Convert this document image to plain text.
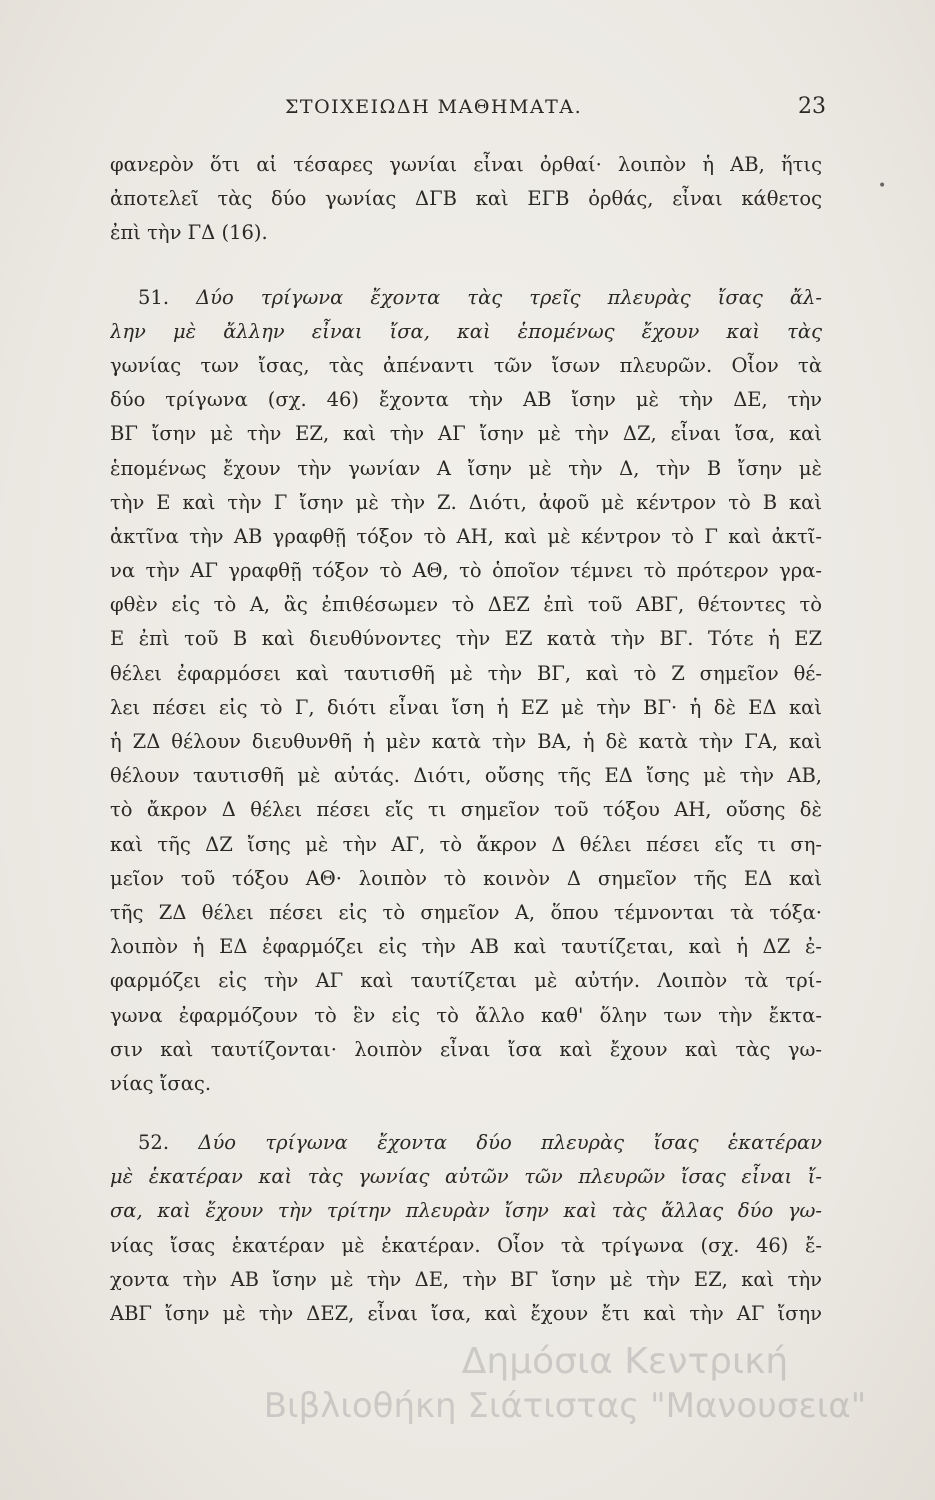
ΣΤΟΙΧΕΙΩΔΗ ΜΑΘΗΜΑΤΑ.	23
•
φανερὸν ὅτι αἱ τέσαρες γωνίαι εἶναι ὀρθαί· λοιπὸν ἡ ΑΒ, ἥτις
ἀποτελεῖ τὰς δύο γωνίας ΔΓΒ καὶ ΕΓΒ ὀρθάς, εἶναι κάθετος
ἐπὶ τὴν ΓΔ (16).
51. Δύο τρίγωνα ἔχοντα τὰς τρεῖς πλευρὰς ἴσας ἄλ-
λην μὲ ἄλλην εἶναι ἴσα, καὶ ἑπομένως ἔχουν καὶ τὰς
γωνίας των ἴσας, τὰς ἀπέναντι τῶν ἴσων πλευρῶν. Οἷον τὰ
δύο τρίγωνα (σχ. 46) ἔχοντα τὴν ΑΒ ἴσην μὲ τὴν ΔΕ, τὴν
ΒΓ ἴσην μὲ τὴν ΕΖ, καὶ τὴν ΑΓ ἴσην μὲ τὴν ΔΖ, εἶναι ἴσα, καὶ
ἑπομένως ἔχουν τὴν γωνίαν Α ἴσην μὲ τὴν Δ, τὴν Β ἴσην μὲ
τὴν Ε καὶ τὴν Γ ἴσην μὲ τὴν Ζ. Διότι, ἀφοῦ μὲ κέντρον τὸ Β καὶ
ἀκτῖνα τὴν ΑΒ γραφθῇ τόξον τὸ ΑΗ, καὶ μὲ κέντρον τὸ Γ καὶ ἀκτῖ-
να τὴν ΑΓ γραφθῇ τόξον τὸ ΑΘ, τὸ ὁποῖον τέμνει τὸ πρότερον γρα-
φθὲν εἰς τὸ Α, ἂς ἐπιθέσωμεν τὸ ΔΕΖ ἐπὶ τοῦ ΑΒΓ, θέτοντες τὸ
Ε ἐπὶ τοῦ Β καὶ διευθύνοντες τὴν ΕΖ κατὰ τὴν ΒΓ. Τότε ἡ ΕΖ
θέλει ἐφαρμόσει καὶ ταυτισθῆ μὲ τὴν ΒΓ, καὶ τὸ Ζ σημεῖον θέ-
λει πέσει εἰς τὸ Γ, διότι εἶναι ἴση ἡ ΕΖ μὲ τὴν ΒΓ· ἡ δὲ ΕΔ καὶ
ἡ ΖΔ θέλουν διευθυνθῆ ἡ μὲν κατὰ τὴν ΒΑ, ἡ δὲ κατὰ τὴν ΓΑ, καὶ
θέλουν ταυτισθῆ μὲ αὐτάς. Διότι, οὔσης τῆς ΕΔ ἴσης μὲ τὴν ΑΒ,
τὸ ἄκρον Δ θέλει πέσει εἴς τι σημεῖον τοῦ τόξου ΑΗ, οὔσης δὲ
καὶ τῆς ΔΖ ἴσης μὲ τὴν ΑΓ, τὸ ἄκρον Δ θέλει πέσει εἴς τι ση-
μεῖον τοῦ τόξου ΑΘ· λοιπὸν τὸ κοινὸν Δ σημεῖον τῆς ΕΔ καὶ
τῆς ΖΔ θέλει πέσει εἰς τὸ σημεῖον Α, ὅπου τέμνονται τὰ τόξα·
λοιπὸν ἡ ΕΔ ἐφαρμόζει εἰς τὴν ΑΒ καὶ ταυτίζεται, καὶ ἡ ΔΖ ἐ-
φαρμόζει εἰς τὴν ΑΓ καὶ ταυτίζεται μὲ αὐτήν. Λοιπὸν τὰ τρί-
γωνα ἐφαρμόζουν τὸ ἓν εἰς τὸ ἄλλο καθ' ὅλην των τὴν ἔκτα-
σιν καὶ ταυτίζονται· λοιπὸν εἶναι ἴσα καὶ ἔχουν καὶ τὰς γω-
νίας ἴσας.
52. Δύο τρίγωνα ἔχοντα δύο πλευρὰς ἴσας ἑκατέραν
μὲ ἑκατέραν καὶ τὰς γωνίας αὐτῶν τῶν πλευρῶν ἴσας εἶναι ἴ-
σα, καὶ ἔχουν τὴν τρίτην πλευρὰν ἴσην καὶ τὰς ἄλλας δύο γω-
νίας ἴσας ἑκατέραν μὲ ἑκατέραν. Οἷον τὰ τρίγωνα (σχ. 46) ἔ-
χοντα τὴν ΑΒ ἴσην μὲ τὴν ΔΕ, τὴν ΒΓ ἴσην μὲ τὴν ΕΖ, καὶ τὴν
ΑΒΓ ἴσην μὲ τὴν ΔΕΖ, εἶναι ἴσα, καὶ ἔχουν ἔτι καὶ τὴν ΑΓ ἴσην
Δημόσια Κεντρική
Βιβλιοθήκη Σιάτιστας "Μανουσεια"
